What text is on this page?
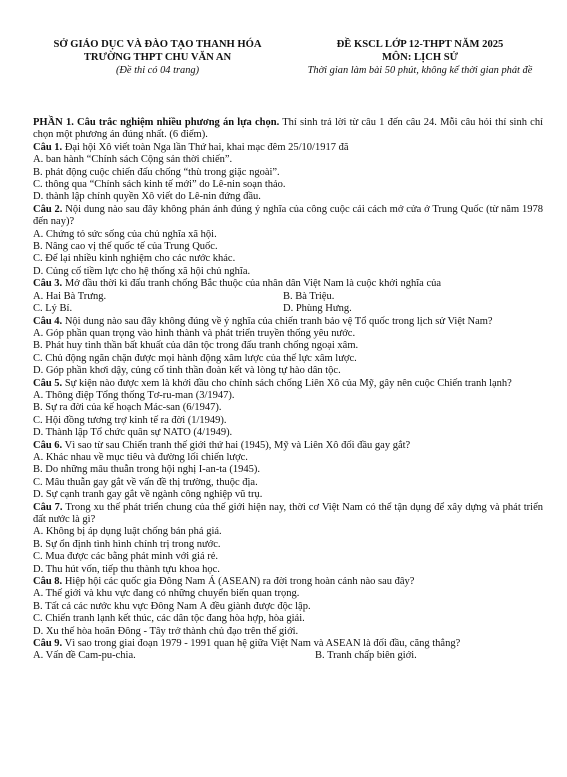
SỞ GIÁO DỤC VÀ ĐÀO TẠO THANH HÓA
TRƯỜNG THPT CHU VĂN AN
(Đề thi có 04 trang)
ĐỀ KSCL LỚP 12-THPT NĂM 2025
MÔN: LỊCH SỬ
Thời gian làm bài 50 phút, không kể thời gian phát đề

PHẦN 1. Câu trắc nghiệm nhiều phương án lựa chọn. Thí sinh trả lời từ câu 1 đến câu 24. Mỗi câu hỏi thí sinh chỉ chọn một phương án đúng nhất. (6 điểm).

Câu 1. Đại hội Xô viết toàn Nga lần Thứ hai, khai mạc đêm 25/10/1917 đã

A. ban hành “Chính sách Cộng sản thời chiến”.

B. phát động cuộc chiến đấu chống “thù trong giặc ngoài”.

C. thông qua “Chính sách kinh tế mới” do Lê-nin soạn thảo.

D. thành lập chính quyền Xô viết do Lê-nin đứng đầu.

Câu 2. Nội dung nào sau đây không phản ánh đúng ý nghĩa của công cuộc cải cách mở cửa ở Trung Quốc (từ năm 1978 đến nay)?

A. Chứng tỏ sức sống của chủ nghĩa xã hội.

B. Nâng cao vị thế quốc tế của Trung Quốc.

C. Để lại nhiều kinh nghiệm cho các nước khác.

D. Củng cố tiềm lực cho hệ thống xã hội chủ nghĩa.

Câu 3. Mở đầu thời kì đấu tranh chống Bắc thuộc của nhân dân Việt Nam là cuộc khởi nghĩa của

A. Hai Bà Trưng.	B. Bà Triệu.
C. Lý Bí.	D. Phùng Hưng.

Câu 4. Nội dung nào sau đây không đúng về ý nghĩa của chiến tranh bảo vệ Tổ quốc trong lịch sử Việt Nam?

A. Góp phần quan trọng vào hình thành và phát triển truyền thống yêu nước.

B. Phát huy tinh thần bất khuất của dân tộc trong đấu tranh chống ngoại xâm.

C. Chủ động ngăn chặn được mọi hành động xâm lược của thế lực xâm lược.

D. Góp phần khơi dậy, củng cố tinh thần đoàn kết và lòng tự hào dân tộc.

Câu 5. Sự kiện nào được xem là khởi đầu cho chính sách chống Liên Xô của Mỹ, gây nên cuộc Chiến tranh lạnh?

A. Thông điệp Tổng thống Tơ-ru-man (3/1947).

B. Sự ra đời của kế hoạch Mác-san (6/1947).

C. Hội đồng tương trợ kinh tế ra đời (1/1949).

D. Thành lập Tổ chức quân sự NATO (4/1949).

Câu 6. Vì sao từ sau Chiến tranh thế giới thứ hai (1945), Mỹ và Liên Xô đối đầu gay gắt?

A. Khác nhau về mục tiêu và đường lối chiến lược.

B. Do những mâu thuẫn trong hội nghị I-an-ta (1945).

C. Mâu thuẫn gay gắt về vấn đề thị trường, thuộc địa.

D. Sự cạnh tranh gay gắt về ngành công nghiệp vũ trụ.

Câu 7. Trong xu thế phát triển chung của thế giới hiện nay, thời cơ Việt Nam có thể tận dụng để xây dựng và phát triển đất nước là gì?

A. Không bị áp dụng luật chống bán phá giá.

B. Sự ổn định tình hình chính trị trong nước.

C. Mua được các bằng phát minh với giá rẻ.

D. Thu hút vốn, tiếp thu thành tựu khoa học.

Câu 8. Hiệp hội các quốc gia Đông Nam Á (ASEAN) ra đời trong hoàn cảnh nào sau đây?

A. Thế giới và khu vực đang có những chuyển biến quan trọng.

B. Tất cả các nước khu vực Đông Nam Á đều giành được độc lập.

C. Chiến tranh lạnh kết thúc, các dân tộc đang hòa hợp, hòa giải.

D. Xu thế hòa hoãn Đông - Tây trở thành chủ đạo trên thế giới.

Câu 9. Vì sao trong giai đoạn 1979 - 1991 quan hệ giữa Việt Nam và ASEAN là đối đầu, căng thẳng?

A. Vấn đề Cam-pu-chia.	B. Tranh chấp biên giới.
